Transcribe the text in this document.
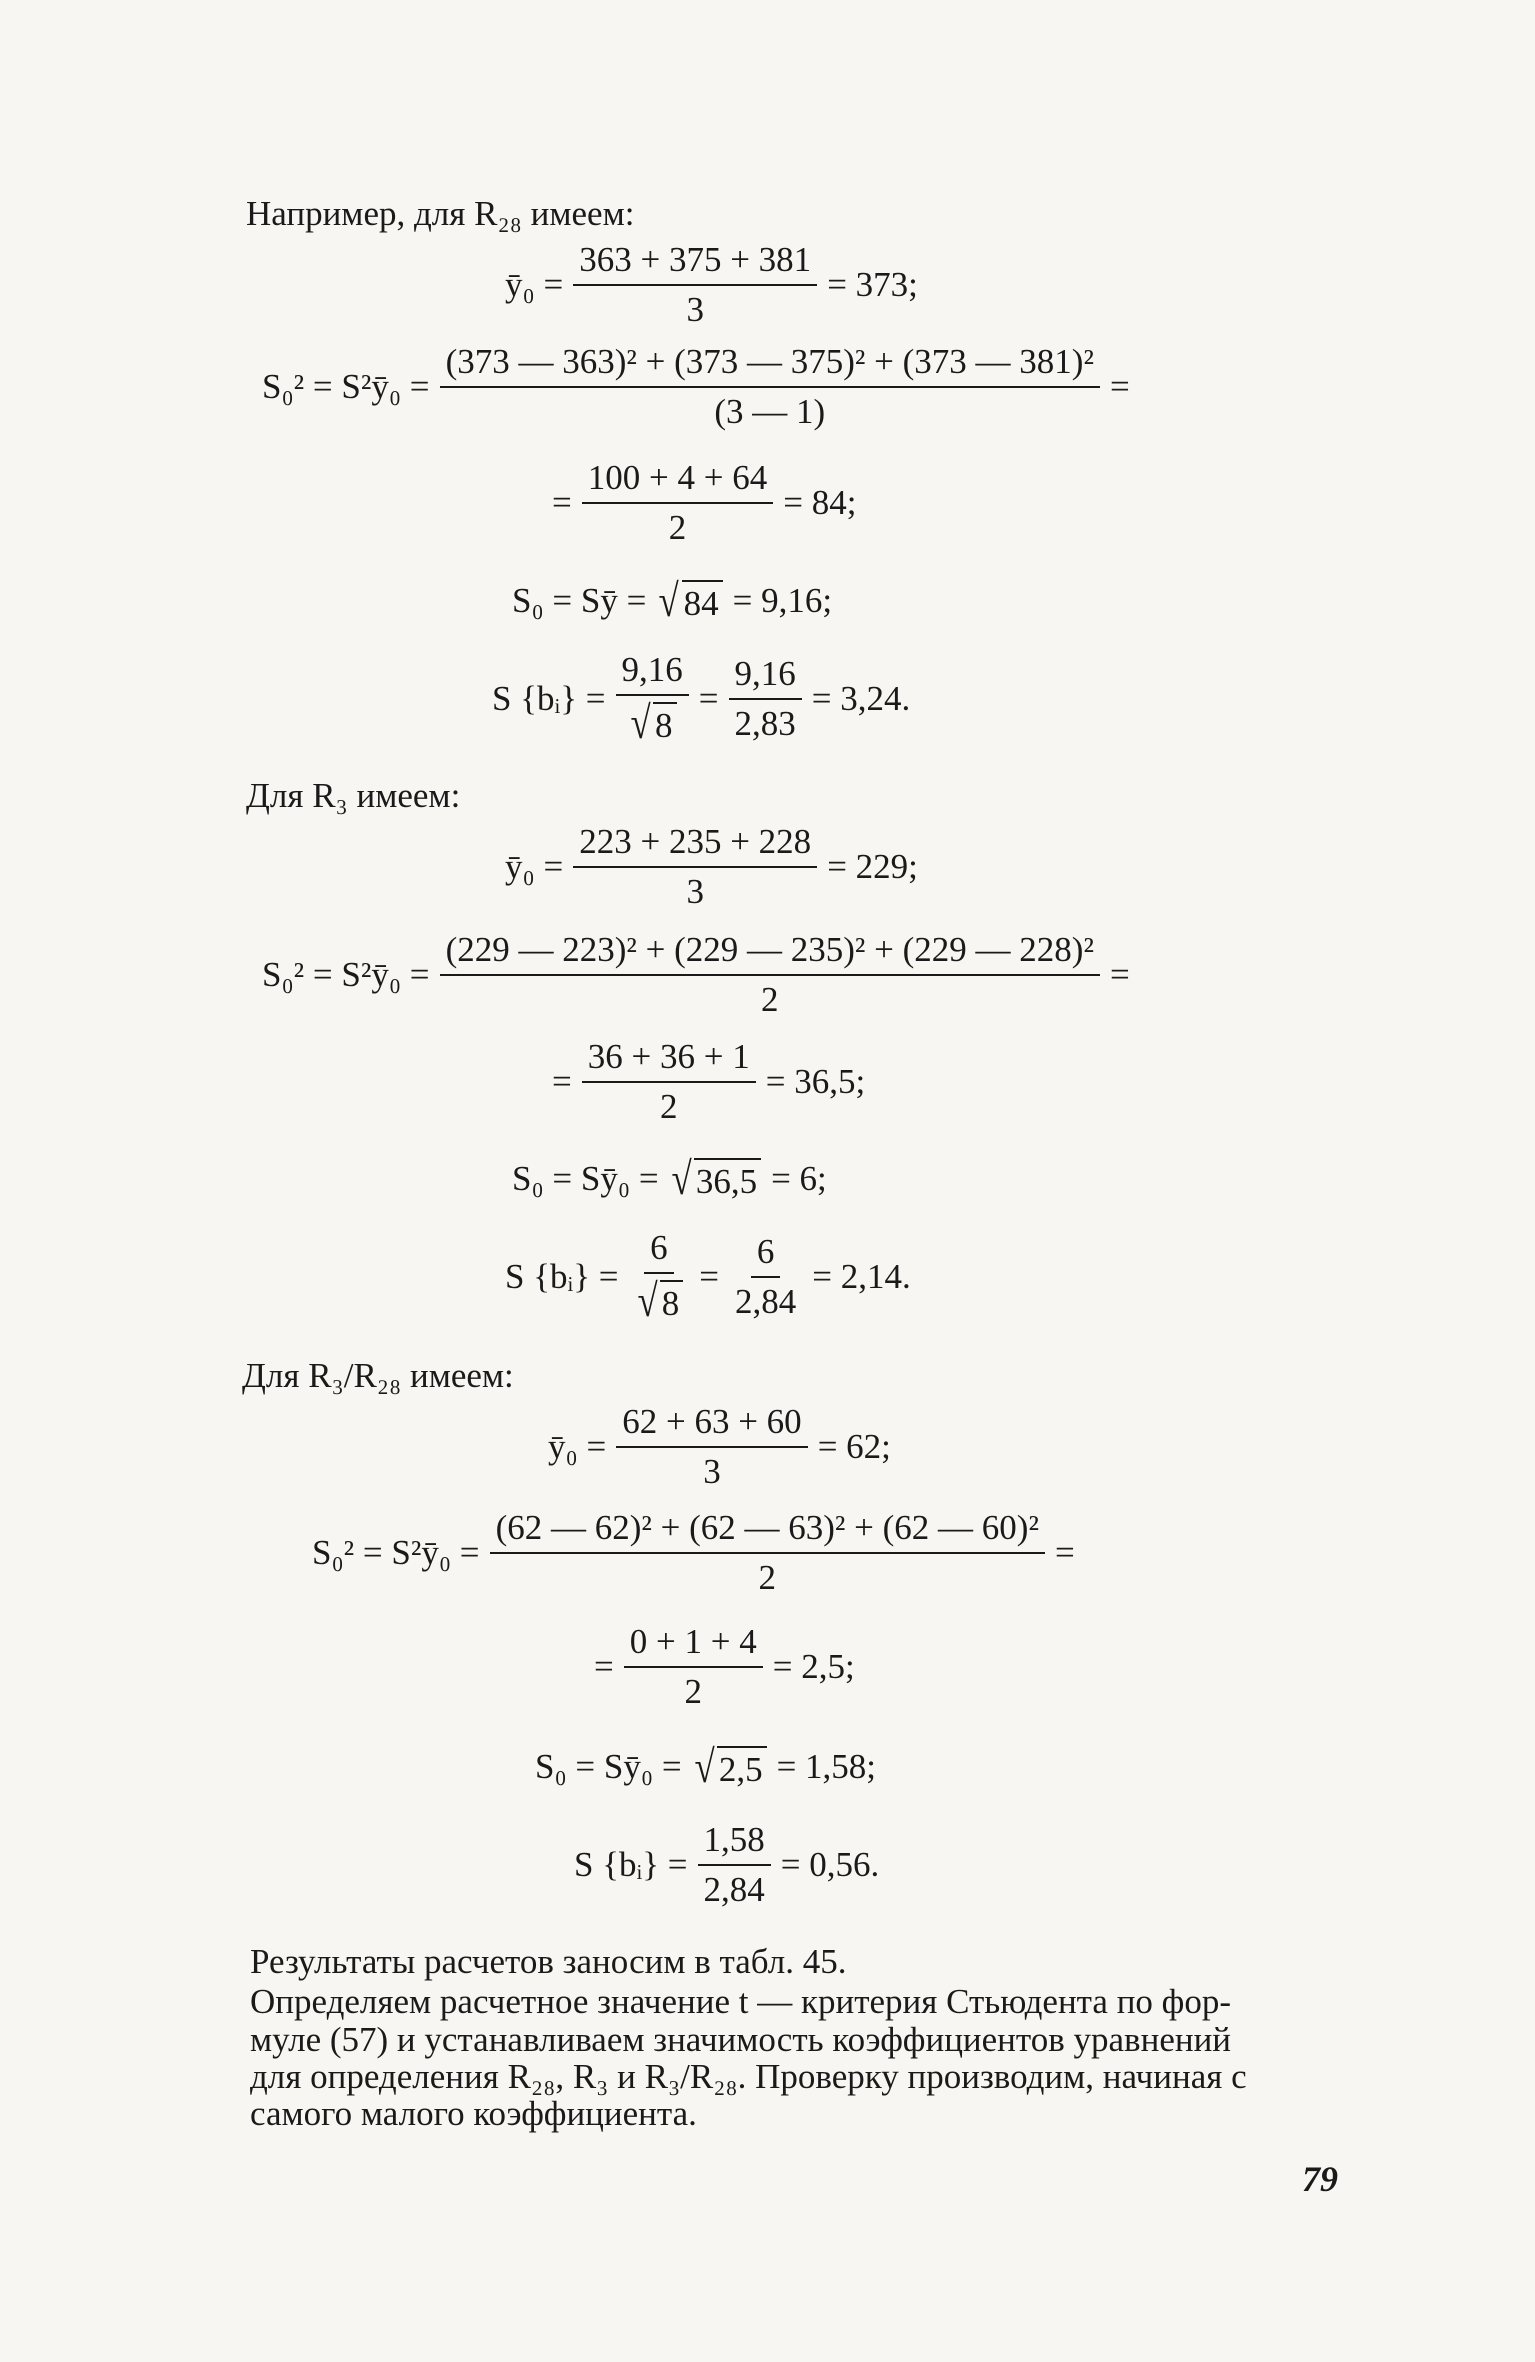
Например, для R₂₈ имеем:
ȳ₀ = $\frac{363 + 375 + 381}{3} = 373$;
S₀² = S²ȳ₀ = $\frac{\text{(373 — 363)² + (373 — 375)² + (373 — 381)²}}{(3 — 1)}$ =
= $\frac{100 + 4 + 64}{2} = 84$;
S₀ = Sȳ = √ 84 = 9,16;
S {bᵢ} = $\frac{9,16}{√ 8} = \frac{9,16}{2,83} = 3,24$.
Для R₃ имеем:
ȳ₀ = $\frac{223 + 235 + 228}{3} = 229$;
S₀² = S²ȳ₀ = $\frac{\text{(229 — 223)² + (229 — 235)² + (229 — 228)²}}{2}$ =
= $\frac{36 + 36 + 1}{2} = 36,5$;
S₀ = Sȳ₀ = √ 36,5 = 6;
S {bᵢ} = $\frac{6}{√ 8} = \frac{6}{2,84} = 2,14$.
Для R₃/R₂₈ имеем:
ȳ₀ = $\frac{62 + 63 + 60}{3} = 62$;
S₀² = S²ȳ₀ = $\frac{\text{(62 — 62)² + (62 — 63)² + (62 — 60)²}}{2}$ =
= $\frac{0 + 1 + 4}{2} = 2,5$;
S₀ = Sȳ₀ = √ 2,5 = 1,58;
S {bᵢ} = $\frac{1,58}{2,84} = 0,56$.
Результаты расчетов заносим в табл. 45.
Определяем расчетное значение t — критерия Стьюдента по фор-
муле (57) и устанавливаем значимость коэффициентов уравнений
для определения R₂₈, R₃ и R₃/R₂₈. Проверку производим, начиная с
самого малого коэффициента.
79
